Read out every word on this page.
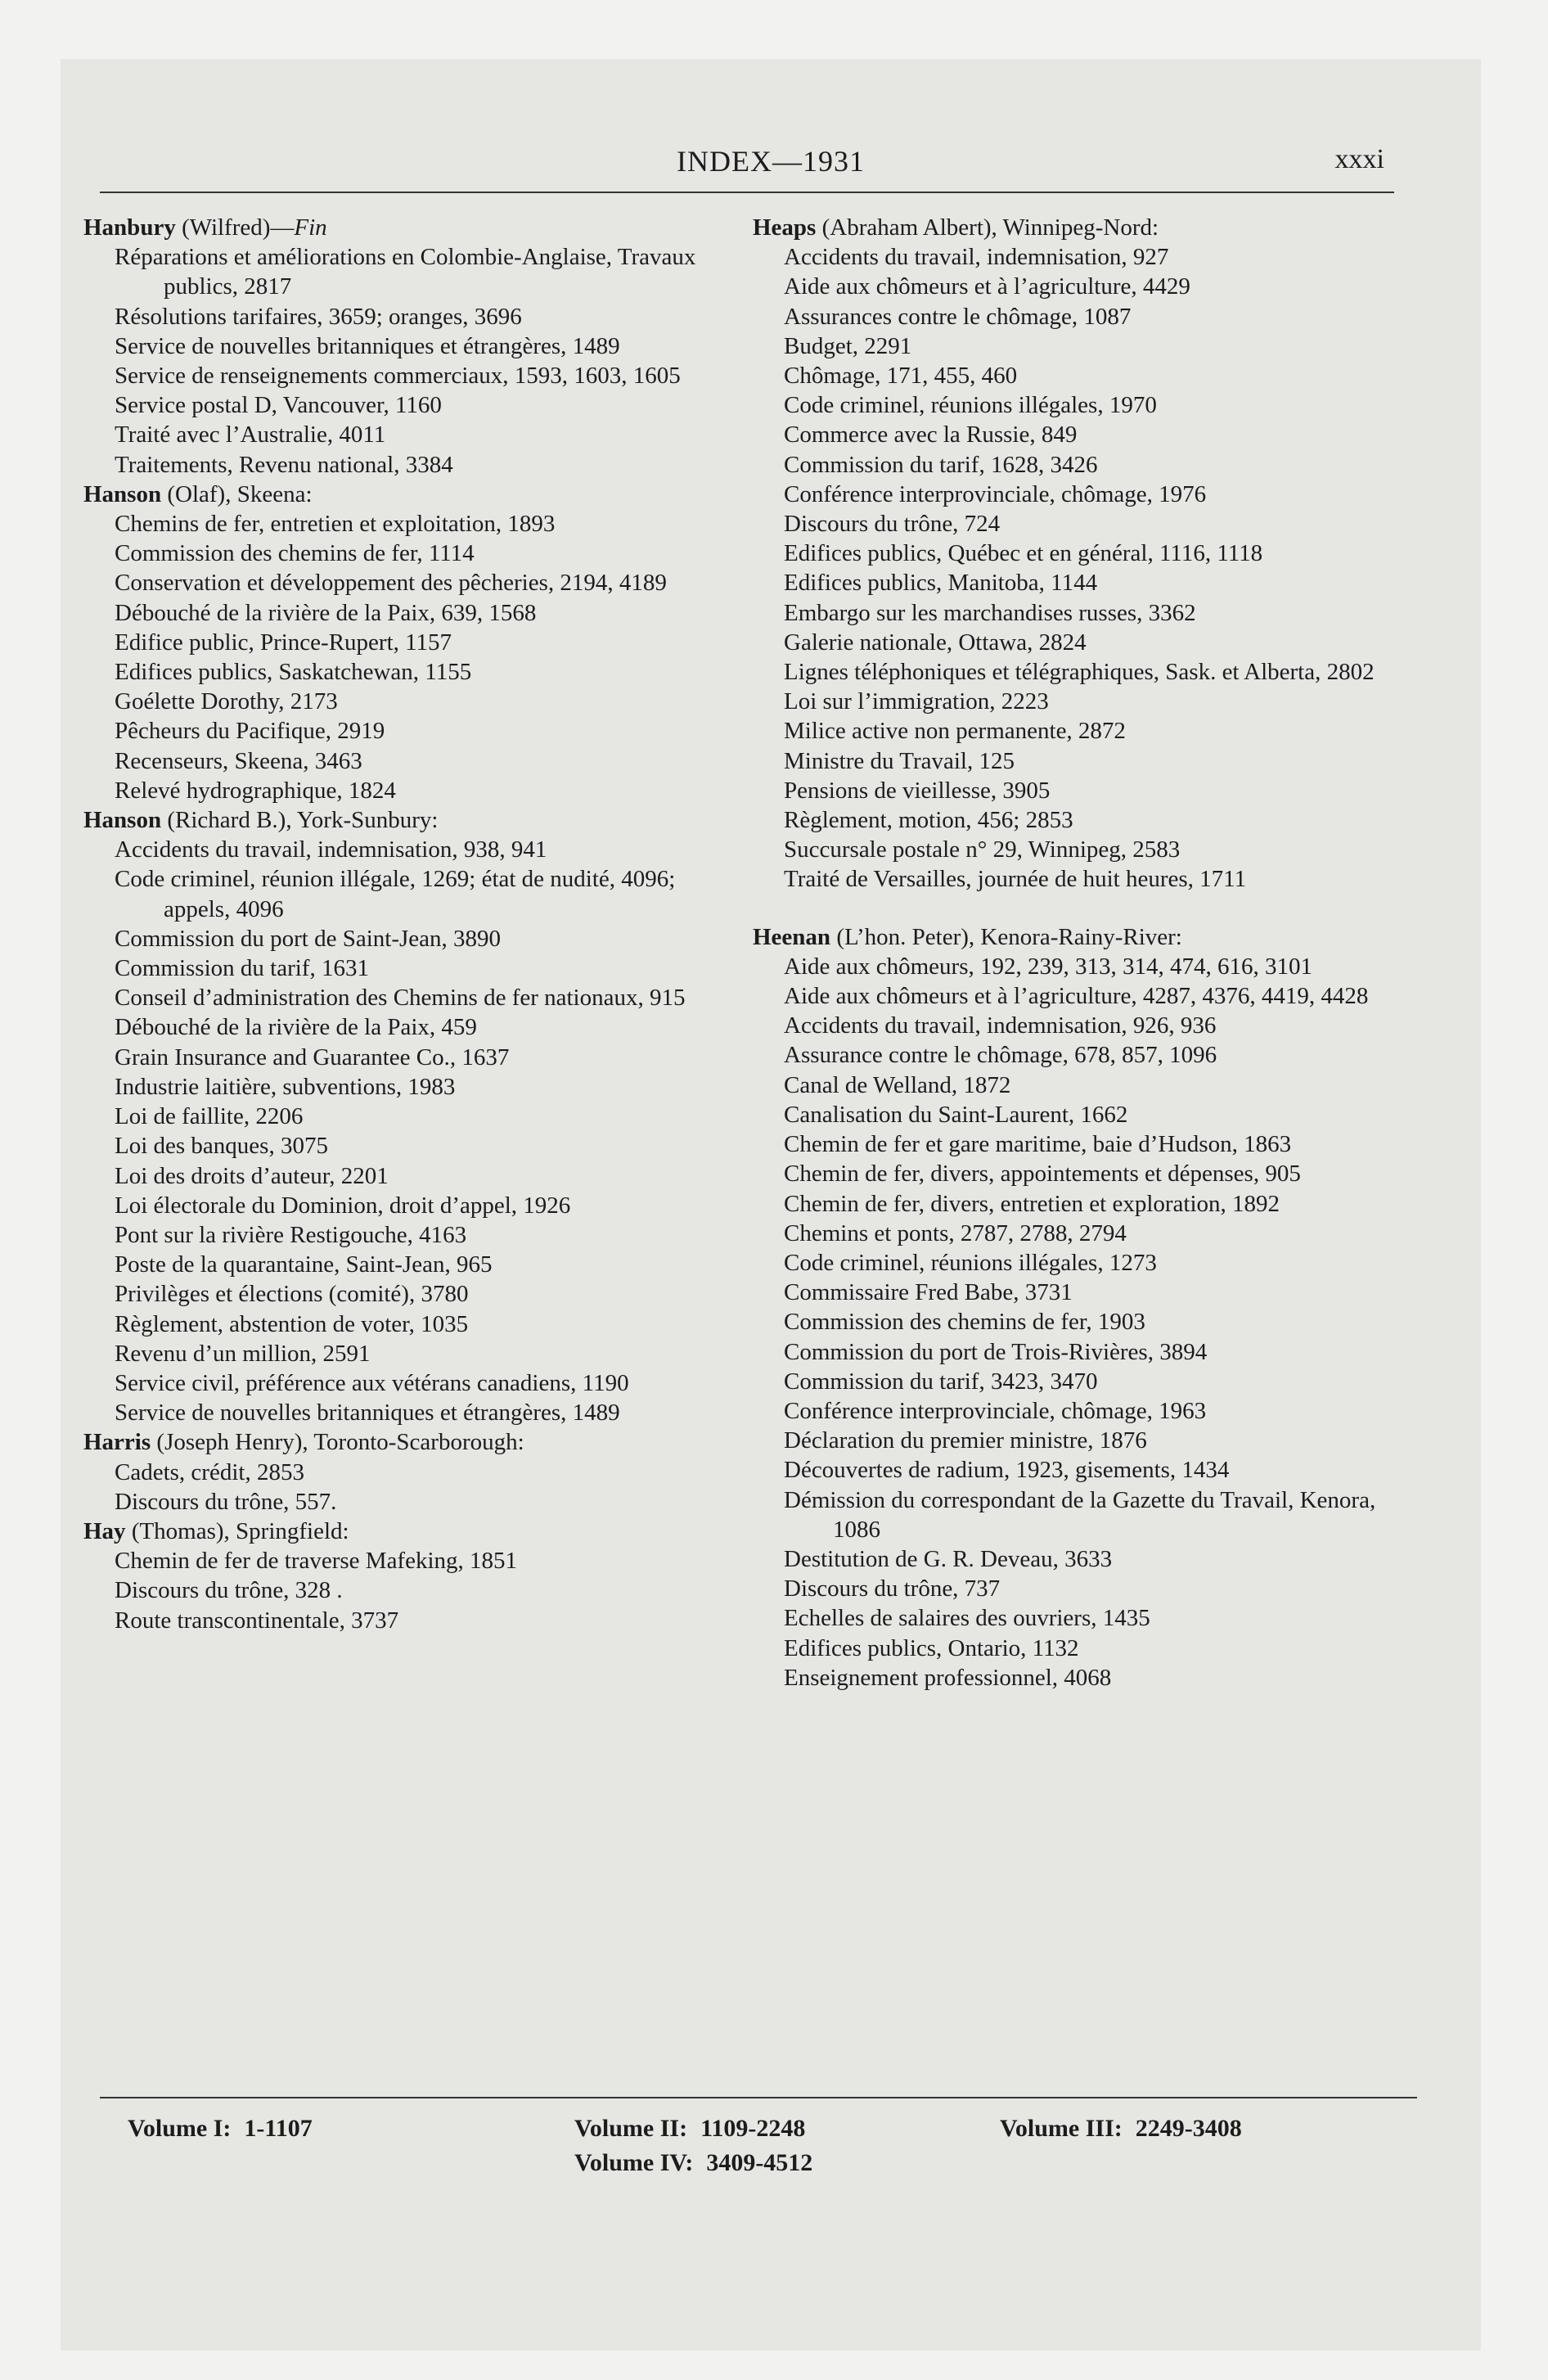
INDEX—1931	xxxi
Hanbury (Wilfred)—Fin
Réparations et améliorations en Colombie-Anglaise, Travaux publics, 2817
Résolutions tarifaires, 3659; oranges, 3696
Service de nouvelles britanniques et étrangères, 1489
Service de renseignements commerciaux, 1593, 1603, 1605
Service postal D, Vancouver, 1160
Traité avec l’Australie, 4011
Traitements, Revenu national, 3384
Hanson (Olaf), Skeena:
Chemins de fer, entretien et exploitation, 1893
Commission des chemins de fer, 1114
Conservation et développement des pêcheries, 2194, 4189
Débouché de la rivière de la Paix, 639, 1568
Edifice public, Prince-Rupert, 1157
Edifices publics, Saskatchewan, 1155
Goélette Dorothy, 2173
Pêcheurs du Pacifique, 2919
Recenseurs, Skeena, 3463
Relevé hydrographique, 1824
Hanson (Richard B.), York-Sunbury:
Accidents du travail, indemnisation, 938, 941
Code criminel, réunion illégale, 1269; état de nudité, 4096; appels, 4096
Commission du port de Saint-Jean, 3890
Commission du tarif, 1631
Conseil d’administration des Chemins de fer nationaux, 915
Débouché de la rivière de la Paix, 459
Grain Insurance and Guarantee Co., 1637
Industrie laitière, subventions, 1983
Loi de faillite, 2206
Loi des banques, 3075
Loi des droits d’auteur, 2201
Loi électorale du Dominion, droit d’appel, 1926
Pont sur la rivière Restigouche, 4163
Poste de la quarantaine, Saint-Jean, 965
Privilèges et élections (comité), 3780
Règlement, abstention de voter, 1035
Revenu d’un million, 2591
Service civil, préférence aux vétérans canadiens, 1190
Service de nouvelles britanniques et étrangères, 1489
Harris (Joseph Henry), Toronto-Scarborough:
Cadets, crédit, 2853
Discours du trône, 557.
Hay (Thomas), Springfield:
Chemin de fer de traverse Mafeking, 1851
Discours du trône, 328 .
Route transcontinentale, 3737
Heaps (Abraham Albert), Winnipeg-Nord:
Accidents du travail, indemnisation, 927
Aide aux chômeurs et à l’agriculture, 4429
Assurances contre le chômage, 1087
Budget, 2291
Chômage, 171, 455, 460
Code criminel, réunions illégales, 1970
Commerce avec la Russie, 849
Commission du tarif, 1628, 3426
Conférence interprovinciale, chômage, 1976
Discours du trône, 724
Edifices publics, Québec et en général, 1116, 1118
Edifices publics, Manitoba, 1144
Embargo sur les marchandises russes, 3362
Galerie nationale, Ottawa, 2824
Lignes téléphoniques et télégraphiques, Sask. et Alberta, 2802
Loi sur l’immigration, 2223
Milice active non permanente, 2872
Ministre du Travail, 125
Pensions de vieillesse, 3905
Règlement, motion, 456; 2853
Succursale postale n° 29, Winnipeg, 2583
Traité de Versailles, journée de huit heures, 1711
Heenan (L’hon. Peter), Kenora-Rainy-River:
Aide aux chômeurs, 192, 239, 313, 314, 474, 616, 3101
Aide aux chômeurs et à l’agriculture, 4287, 4376, 4419, 4428
Accidents du travail, indemnisation, 926, 936
Assurance contre le chômage, 678, 857, 1096
Canal de Welland, 1872
Canalisation du Saint-Laurent, 1662
Chemin de fer et gare maritime, baie d’Hudson, 1863
Chemin de fer, divers, appointements et dépenses, 905
Chemin de fer, divers, entretien et exploration, 1892
Chemins et ponts, 2787, 2788, 2794
Code criminel, réunions illégales, 1273
Commissaire Fred Babe, 3731
Commission des chemins de fer, 1903
Commission du port de Trois-Rivières, 3894
Commission du tarif, 3423, 3470
Conférence interprovinciale, chômage, 1963
Déclaration du premier ministre, 1876
Découvertes de radium, 1923, gisements, 1434
Démission du correspondant de la Gazette du Travail, Kenora, 1086
Destitution de G. R. Deveau, 3633
Discours du trône, 737
Echelles de salaires des ouvriers, 1435
Edifices publics, Ontario, 1132
Enseignement professionnel, 4068
Volume I: 1-1107	Volume II: 1109-2248
Volume IV: 3409-4512
Volume III: 2249-3408
